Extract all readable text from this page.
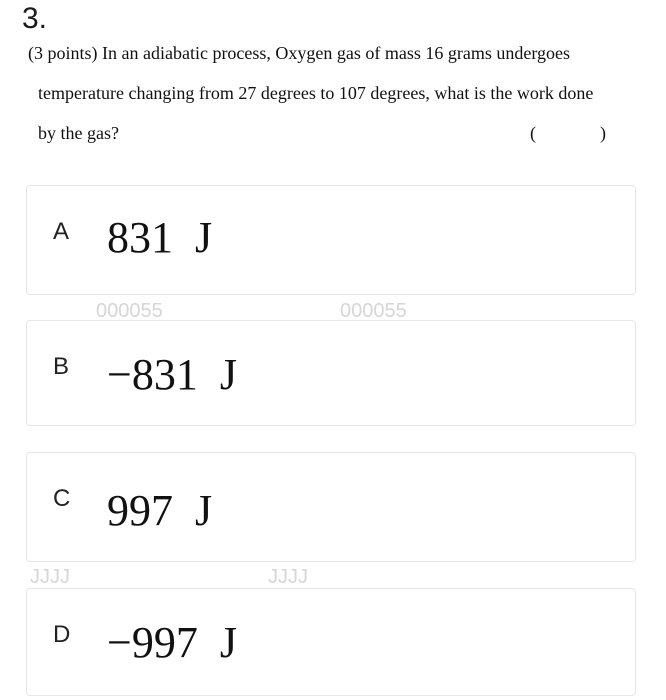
3.
(3 points) In an adiabatic process, Oxygen gas of mass 16 grams undergoes
temperature changing from 27 degrees to 107 degrees, what is the work done
by the gas?	(	)
A 831  J
B −831  J
C 997  J
D −997  J
000055	000055
JJJJ	JJJJ
